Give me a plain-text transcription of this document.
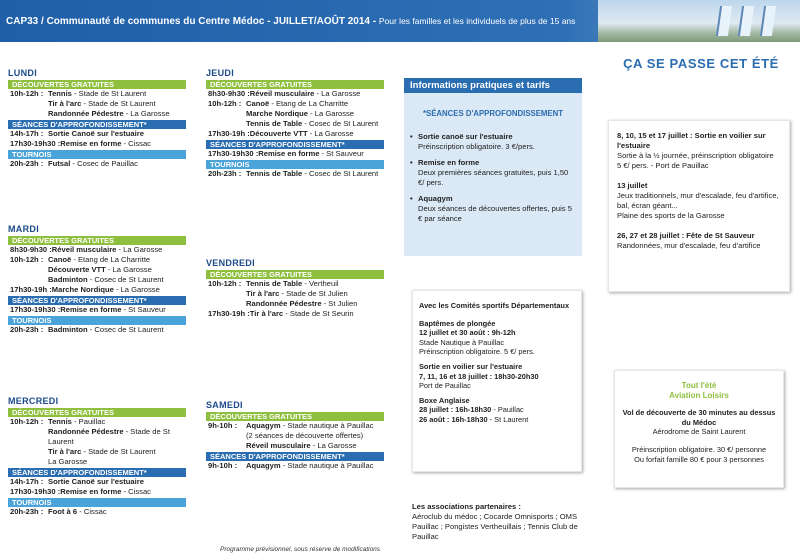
CAP33 / Communauté de communes du Centre Médoc - JUILLET/AOÛT 2014 - Pour les familles et les individuels de plus de 15 ans
LUNDI
DÉCOUVERTES GRATUITES
10h-12h : Tennis - Stade de St Laurent
Tir à l'arc - Stade de St Laurent
Randonnée Pédestre - La Garosse
SÉANCES D'APPROFONDISSEMENT*
14h-17h : Sortie Canoë sur l'estuaire
17h30-19h30 : Remise en forme - Cissac
TOURNOIS
20h-23h : Futsal - Cosec de Pauillac
MARDI
DÉCOUVERTES GRATUITES
8h30-9h30 : Réveil musculaire - La Garosse
10h-12h : Canoë - Etang de La Charritte
Découverte VTT - La Garosse
Badminton - Cosec de St Laurent
17h30-19h : Marche Nordique - La Garosse
SÉANCES D'APPROFONDISSEMENT*
17h30-19h30 : Remise en forme - St Sauveur
TOURNOIS
20h-23h : Badminton - Cosec de St Laurent
MERCREDI
DÉCOUVERTES GRATUITES
10h-12h : Tennis - Pauillac
Randonnée Pédestre - Stade de St Laurent
Tir à l'arc - Stade de St Laurent
La Garosse
SÉANCES D'APPROFONDISSEMENT*
14h-17h : Sortie Canoë sur l'estuaire
17h30-19h30 : Remise en forme - Cissac
TOURNOIS
20h-23h : Foot à 6 - Cissac
JEUDI
DÉCOUVERTES GRATUITES
8h30-9h30 : Réveil musculaire - La Garosse
10h-12h : Canoë - Etang de La Charritte
Marche Nordique - La Garosse
Tennis de Table - Cosec de St Laurent
17h30-19h : Découverte VTT - La Garosse
SÉANCES D'APPROFONDISSEMENT*
17h30-19h30 : Remise en forme - St Sauveur
TOURNOIS
20h-23h : Tennis de Table - Cosec de St Laurent
VENDREDI
DÉCOUVERTES GRATUITES
10h-12h : Tennis de Table - Vertheuil
Tir à l'arc - Stade de St Julien
Randonnée Pédestre - St Julien
17h30-19h : Tir à l'arc - Stade de St Seurin
SAMEDI
DÉCOUVERTES GRATUITES
9h-10h :	Aquagym - Stade nautique à Pauillac
(2 séances de découverte offertes)
Réveil musculaire - La Garosse
SÉANCES D'APPROFONDISSEMENT*
9h-10h :	Aquagym - Stade nautique à Pauillac
Informations pratiques et tarifs
*SÉANCES D'APPROFONDISSEMENT
• Sortie canoë sur l'estuaire
Préinscription obligatoire. 3 €/pers.
• Remise en forme
Deux premières séances gratuites, puis 1,50 €/ pers.
• Aquagym
Deux séances de découvertes offertes, puis 5 € par séance
Avec les Comités sportifs Départementaux
Baptêmes de plongée
12 juillet et 30 août : 9h-12h
Stade Nautique à Pauillac
Préinscription obligatoire. 5 €/ pers.
Sortie en voilier sur l'estuaire
7, 11, 16 et 18 juillet : 18h30-20h30
Port de Pauillac
Boxe Anglaise
28 juillet : 16h-18h30 - Pauillac
26 août : 16h-18h30 - St Laurent
Les associations partenaires :
Aéroclub du médoc ; Cocarde Omnisports ; OMS Pauillac ; Pongistes Vertheuillais ; Tennis Club de Pauillac
ÇA SE PASSE CET ÉTÉ
8, 10, 15 et 17 juillet : Sortie en voilier sur l'estuaire
Sortie à la ½ journée, préinscription obligatoire
5 €/ pers. - Port de Pauillac
13 juillet
Jeux traditionnels, mur d'escalade, feu d'artifice, bal, écran géant...
Plaine des sports de la Garosse
26, 27 et 28 juillet : Fête de St Sauveur
Randonnées, mur d'escalade, feu d'artifice
Tout l'été
Aviation Loisirs
Vol de découverte de 30 minutes au dessus du Médoc
Aérodrome de Saint Laurent
Préinscription obligatoire. 30 €/ personne
Ou forfait famille 80 € pour 3 personnes
Programme prévisionnel, sous réserve de modifications
